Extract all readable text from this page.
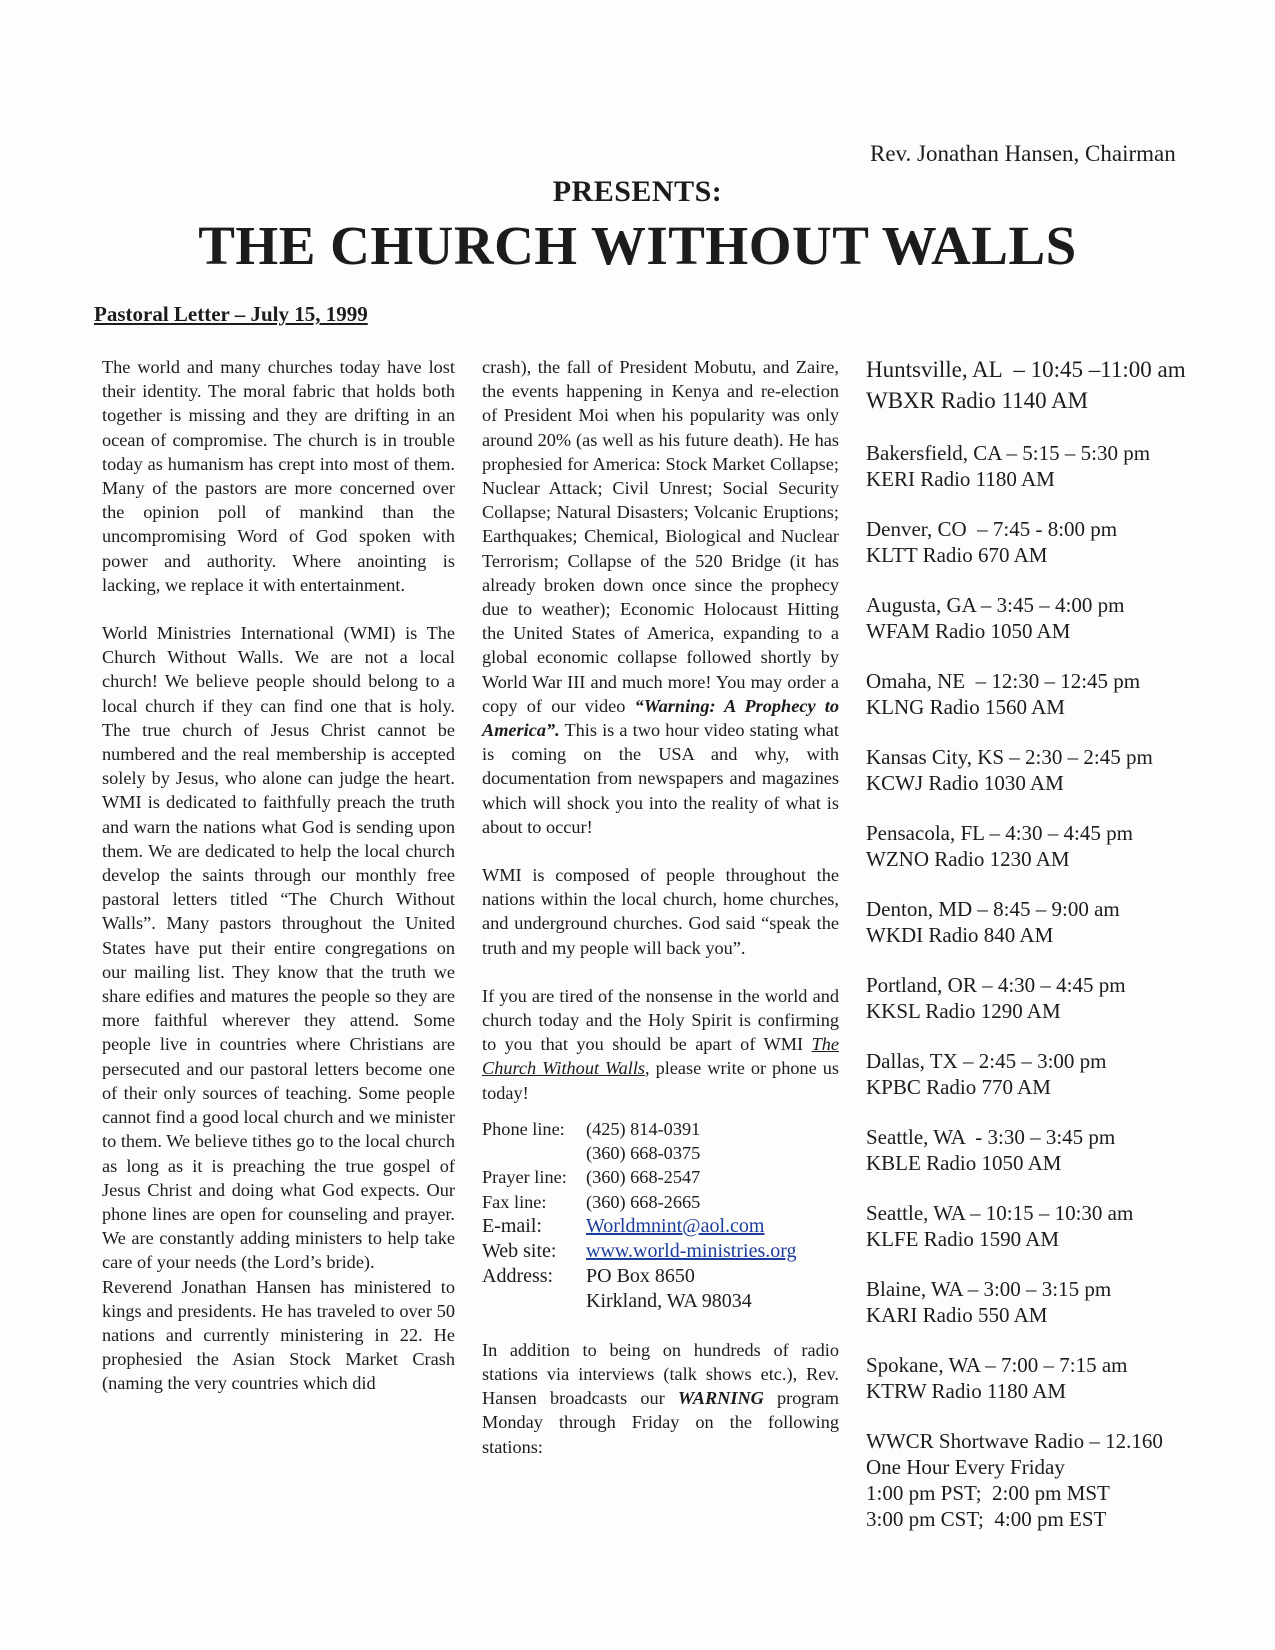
Rev. Jonathan Hansen, Chairman
PRESENTS:
THE CHURCH WITHOUT WALLS
Pastoral Letter – July 15, 1999

The world and many churches today have lost their identity. The moral fabric that holds both together is missing and they are drifting in an ocean of compromise. The church is in trouble today as humanism has crept into most of them. Many of the pastors are more concerned over the opinion poll of mankind than the uncompromising Word of God spoken with power and authority. Where anointing is lacking, we replace it with entertainment.

World Ministries International (WMI) is The Church Without Walls. We are not a local church! We believe people should belong to a local church if they can find one that is holy. The true church of Jesus Christ cannot be numbered and the real membership is accepted solely by Jesus, who alone can judge the heart. WMI is dedicated to faithfully preach the truth and warn the nations what God is sending upon them. We are dedicated to help the local church develop the saints through our monthly free pastoral letters titled “The Church Without Walls”. Many pastors throughout the United States have put their entire congregations on our mailing list. They know that the truth we share edifies and matures the people so they are more faithful wherever they attend. Some people live in countries where Christians are persecuted and our pastoral letters become one of their only sources of teaching. Some people cannot find a good local church and we minister to them. We believe tithes go to the local church as long as it is preaching the true gospel of Jesus Christ and doing what God expects. Our phone lines are open for counseling and prayer. We are constantly adding ministers to help take care of your needs (the Lord’s bride).

Reverend Jonathan Hansen has ministered to kings and presidents. He has traveled to over 50 nations and currently ministering in 22. He prophesied the Asian Stock Market Crash (naming the very countries which did

crash), the fall of President Mobutu, and Zaire, the events happening in Kenya and re-election of President Moi when his popularity was only around 20% (as well as his future death). He has prophesied for America: Stock Market Collapse; Nuclear Attack; Civil Unrest; Social Security Collapse; Natural Disasters; Volcanic Eruptions; Earthquakes; Chemical, Biological and Nuclear Terrorism; Collapse of the 520 Bridge (it has already broken down once since the prophecy due to weather); Economic Holocaust Hitting the United States of America, expanding to a global economic collapse followed shortly by World War III and much more! You may order a copy of our video “Warning: A Prophecy to America”. This is a two hour video stating what is coming on the USA and why, with documentation from newspapers and magazines which will shock you into the reality of what is about to occur!

WMI is composed of people throughout the nations within the local church, home churches, and underground churches. God said “speak the truth and my people will back you”.

If you are tired of the nonsense in the world and church today and the Holy Spirit is confirming to you that you should be apart of WMI The Church Without Walls, please write or phone us today!

Phone line:	(425) 814-0391
(360) 668-0375
Prayer line:	(360) 668-2547
Fax line:	(360) 668-2665
E-mail:	Worldmnint@aol.com
Web site:	www.world-ministries.org
Address:	PO Box 8650
Kirkland, WA 98034

In addition to being on hundreds of radio stations via interviews (talk shows etc.), Rev. Hansen broadcasts our WARNING program Monday through Friday on the following stations:

Huntsville, AL  – 10:45 –11:00 am
WBXR Radio 1140 AM
Bakersfield, CA – 5:15 – 5:30 pm
KERI Radio 1180 AM
Denver, CO  – 7:45 - 8:00 pm
KLTT Radio 670 AM
Augusta, GA – 3:45 – 4:00 pm
WFAM Radio 1050 AM
Omaha, NE  – 12:30 – 12:45 pm
KLNG Radio 1560 AM
Kansas City, KS – 2:30 – 2:45 pm
KCWJ Radio 1030 AM
Pensacola, FL – 4:30 – 4:45 pm
WZNO Radio 1230 AM
Denton, MD – 8:45 – 9:00 am
WKDI Radio 840 AM
Portland, OR – 4:30 – 4:45 pm
KKSL Radio 1290 AM
Dallas, TX – 2:45 – 3:00 pm
KPBC Radio 770 AM
Seattle, WA  - 3:30 – 3:45 pm
KBLE Radio 1050 AM
Seattle, WA – 10:15 – 10:30 am
KLFE Radio 1590 AM
Blaine, WA – 3:00 – 3:15 pm
KARI Radio 550 AM
Spokane, WA – 7:00 – 7:15 am
KTRW Radio 1180 AM
WWCR Shortwave Radio – 12.160
One Hour Every Friday
1:00 pm PST;  2:00 pm MST
3:00 pm CST;  4:00 pm EST
